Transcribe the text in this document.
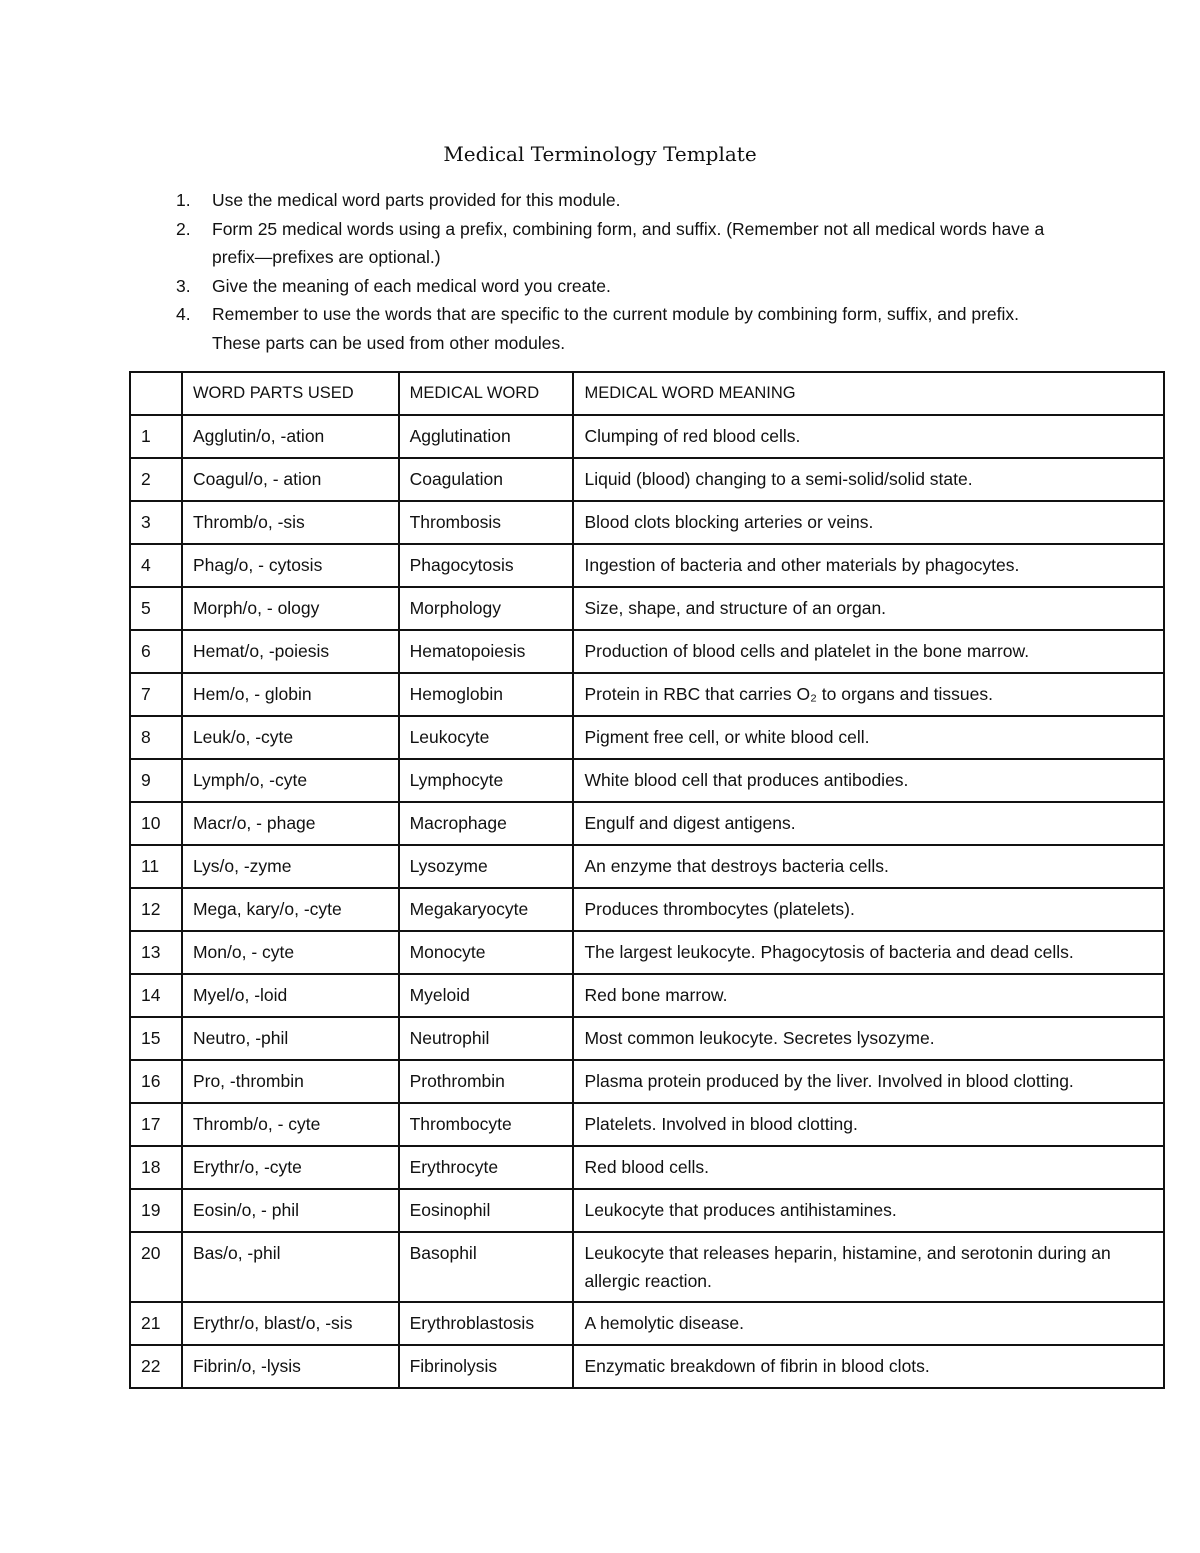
Medical Terminology Template
1. Use the medical word parts provided for this module.
2. Form 25 medical words using a prefix, combining form, and suffix. (Remember not all medical words have a prefix—prefixes are optional.)
3. Give the meaning of each medical word you create.
4. Remember to use the words that are specific to the current module by combining form, suffix, and prefix. These parts can be used from other modules.
	WORD PARTS USED	MEDICAL WORD	MEDICAL WORD MEANING
1	Agglutin/o, -ation	Agglutination	Clumping of red blood cells.
2	Coagul/o, - ation	Coagulation	Liquid (blood) changing to a semi-solid/solid state.
3	Thromb/o, -sis	Thrombosis	Blood clots blocking arteries or veins.
4	Phag/o, - cytosis	Phagocytosis	Ingestion of bacteria and other materials by phagocytes.
5	Morph/o, - ology	Morphology	Size, shape, and structure of an organ.
6	Hemat/o, -poiesis	Hematopoiesis	Production of blood cells and platelet in the bone marrow.
7	Hem/o, - globin	Hemoglobin	Protein in RBC that carries O₂ to organs and tissues.
8	Leuk/o, -cyte	Leukocyte	Pigment free cell, or white blood cell.
9	Lymph/o, -cyte	Lymphocyte	White blood cell that produces antibodies.
10	Macr/o, - phage	Macrophage	Engulf and digest antigens.
11	Lys/o, -zyme	Lysozyme	An enzyme that destroys bacteria cells.
12	Mega, kary/o, -cyte	Megakaryocyte	Produces thrombocytes (platelets).
13	Mon/o, - cyte	Monocyte	The largest leukocyte. Phagocytosis of bacteria and dead cells.
14	Myel/o, -loid	Myeloid	Red bone marrow.
15	Neutro, -phil	Neutrophil	Most common leukocyte. Secretes lysozyme.
16	Pro, -thrombin	Prothrombin	Plasma protein produced by the liver. Involved in blood clotting.
17	Thromb/o, - cyte	Thrombocyte	Platelets. Involved in blood clotting.
18	Erythr/o, -cyte	Erythrocyte	Red blood cells.
19	Eosin/o, - phil	Eosinophil	Leukocyte that produces antihistamines.
20	Bas/o, -phil	Basophil	Leukocyte that releases heparin, histamine, and serotonin during an allergic reaction.
21	Erythr/o, blast/o, -sis	Erythroblastosis	A hemolytic disease.
22	Fibrin/o, -lysis	Fibrinolysis	Enzymatic breakdown of fibrin in blood clots.
